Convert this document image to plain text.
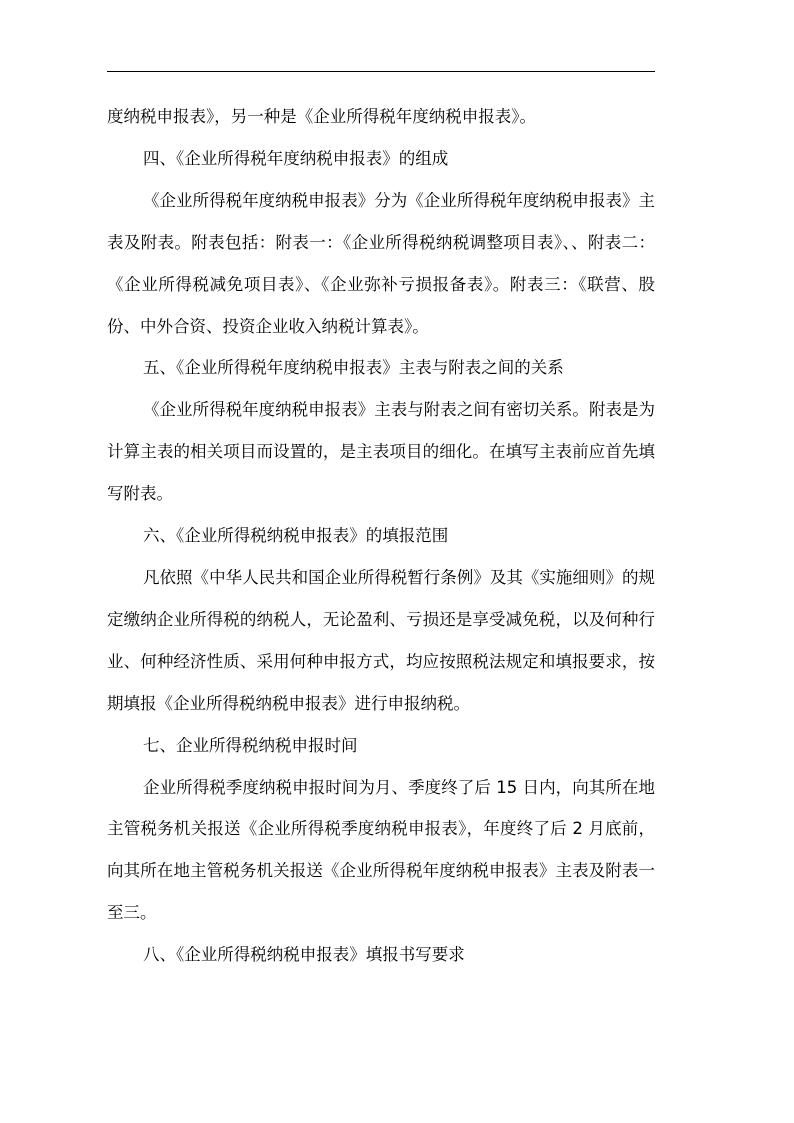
度纳税申报表》，另一种是《企业所得税年度纳税申报表》。

四、《企业所得税年度纳税申报表》的组成

《企业所得税年度纳税申报表》分为《企业所得税年度纳税申报表》主表及附表。附表包括：附表一：《企业所得税纳税调整项目表》、、附表二：《企业所得税减免项目表》、《企业弥补亏损报备表》。附表三：《联营、股份、中外合资、投资企业收入纳税计算表》。

五、《企业所得税年度纳税申报表》主表与附表之间的关系

《企业所得税年度纳税申报表》主表与附表之间有密切关系。附表是为计算主表的相关项目而设置的，是主表项目的细化。在填写主表前应首先填写附表。

六、《企业所得税纳税申报表》的填报范围

凡依照《中华人民共和国企业所得税暂行条例》及其《实施细则》的规定缴纳企业所得税的纳税人，无论盈利、亏损还是享受减免税，以及何种行业、何种经济性质、采用何种申报方式，均应按照税法规定和填报要求，按期填报《企业所得税纳税申报表》进行申报纳税。

七、企业所得税纳税申报时间

企业所得税季度纳税申报时间为月、季度终了后 15 日内，向其所在地主管税务机关报送《企业所得税季度纳税申报表》，年度终了后 2 月底前，向其所在地主管税务机关报送《企业所得税年度纳税申报表》主表及附表一至三。

八、《企业所得税纳税申报表》填报书写要求
